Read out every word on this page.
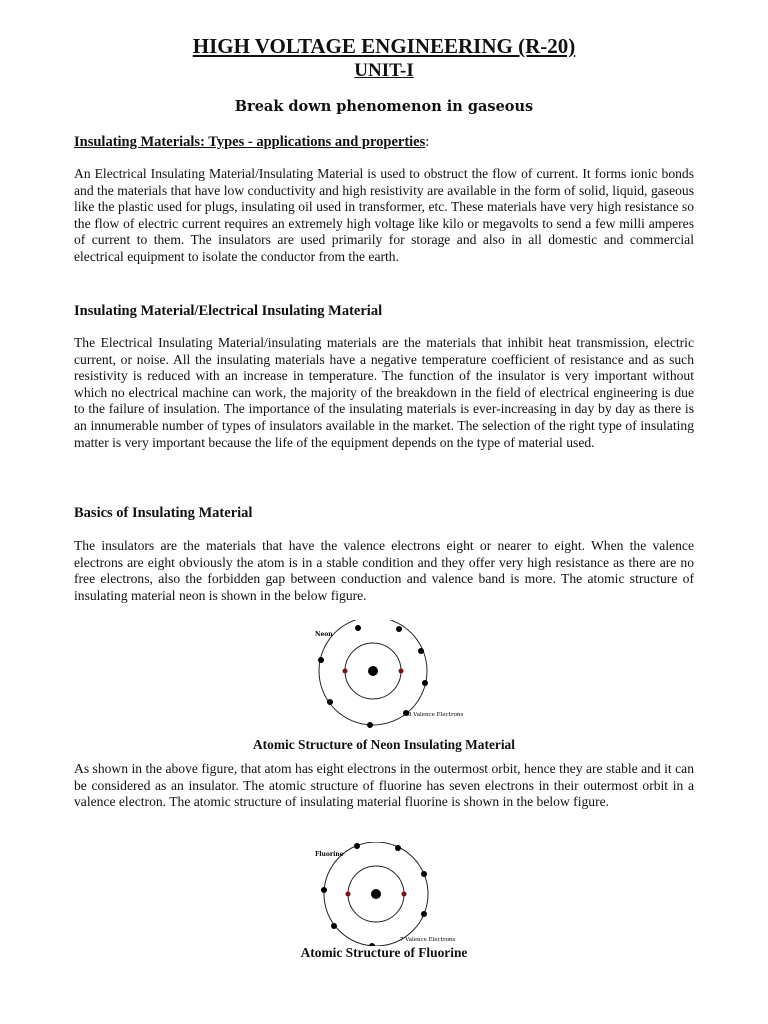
HIGH VOLTAGE ENGINEERING (R-20)
UNIT-I
Break down phenomenon in gaseous
Insulating Materials: Types - applications and properties:
An Electrical Insulating Material/Insulating Material is used to obstruct the flow of current. It forms ionic bonds and the materials that have low conductivity and high resistivity are available in the form of solid, liquid, gaseous like the plastic used for plugs, insulating oil used in transformer, etc. These materials have very high resistance so the flow of electric current requires an extremely high voltage like kilo or megavolts to send a few milli amperes of current to them. The insulators are used primarily for storage and also in all domestic and commercial electrical equipment to isolate the conductor from the earth.
Insulating Material/Electrical Insulating Material
The Electrical Insulating Material/insulating materials are the materials that inhibit heat transmission, electric current, or noise. All the insulating materials have a negative temperature coefficient of resistance and as such resistivity is reduced with an increase in temperature. The function of the insulator is very important without which no electrical machine can work, the majority of the breakdown in the field of electrical engineering is due to the failure of insulation. The importance of the insulating materials is ever-increasing in day by day as there is an innumerable number of types of insulators available in the market. The selection of the right type of insulating matter is very important because the life of the equipment depends on the type of material used.
Basics of Insulating Material
The insulators are the materials that have the valence electrons eight or nearer to eight. When the valence electrons are eight obviously the atom is in a stable condition and they offer very high resistance as there are no free electrons, also the forbidden gap between conduction and valence band is more. The atomic structure of insulating material neon is shown in the below figure.
Neon
8 Valence Electrons
Atomic Structure of Neon Insulating Material
As shown in the above figure, that atom has eight electrons in the outermost orbit, hence they are stable and it can be considered as an insulator. The atomic structure of fluorine has seven electrons in their outermost orbit in a valence electron. The atomic structure of insulating material fluorine is shown in the below figure.
Fluorine
7 Valence Electrons
Atomic Structure of Fluorine
